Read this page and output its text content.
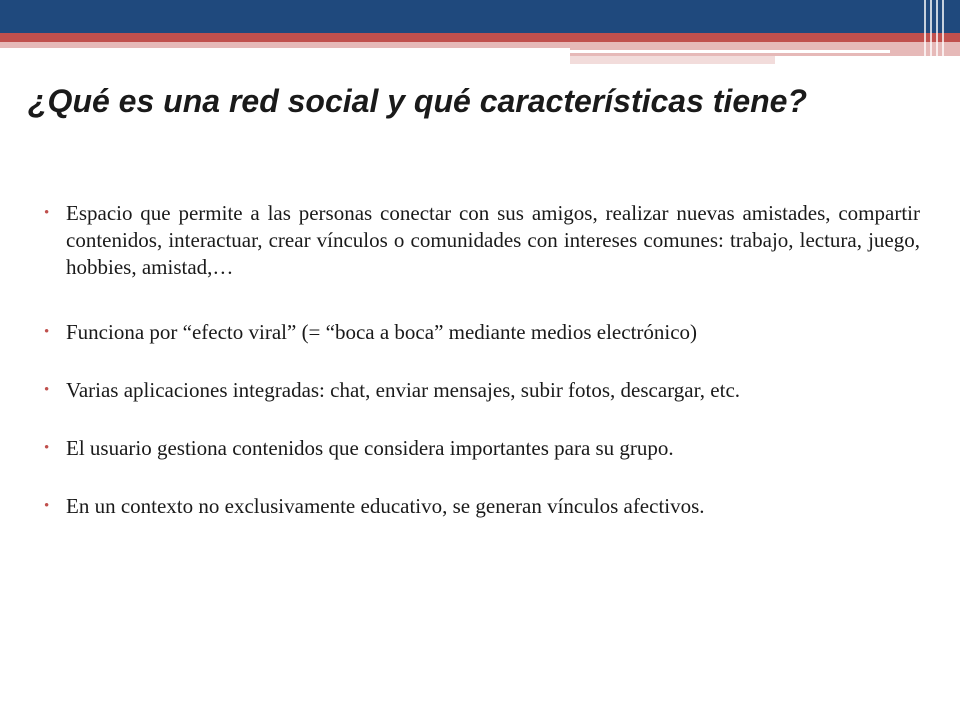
¿Qué es una red social y qué características tiene?
• Espacio que permite a las personas conectar con sus amigos, realizar nuevas amistades, compartir contenidos, interactuar, crear vínculos o comunidades con intereses comunes: trabajo, lectura, juego, hobbies, amistad,…
• Funciona por “efecto viral” (= “boca a boca” mediante medios electrónico)
• Varias aplicaciones integradas: chat, enviar mensajes, subir fotos, descargar, etc.
• El usuario gestiona contenidos que considera importantes para su grupo.
• En un contexto no exclusivamente educativo, se generan vínculos afectivos.
